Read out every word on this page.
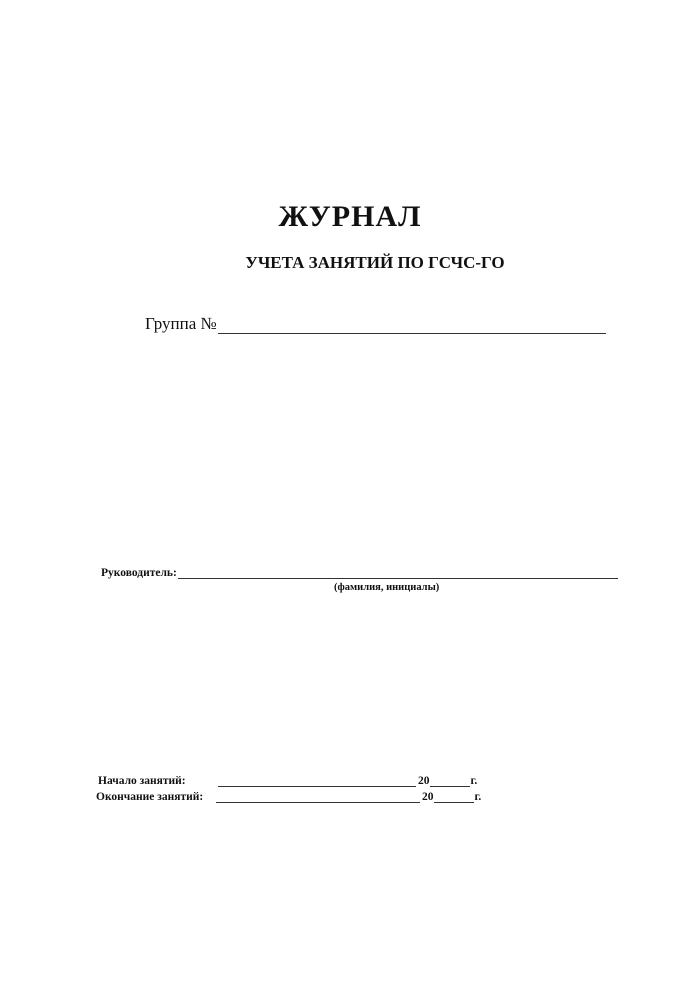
ЖУРНАЛ
УЧЕТА ЗАНЯТИЙ ПО ГСЧС-ГО
Группа №
Руководитель:
(фамилия, инициалы)
Начало занятий:	20	г.
Окончание занятий:	20	г.
